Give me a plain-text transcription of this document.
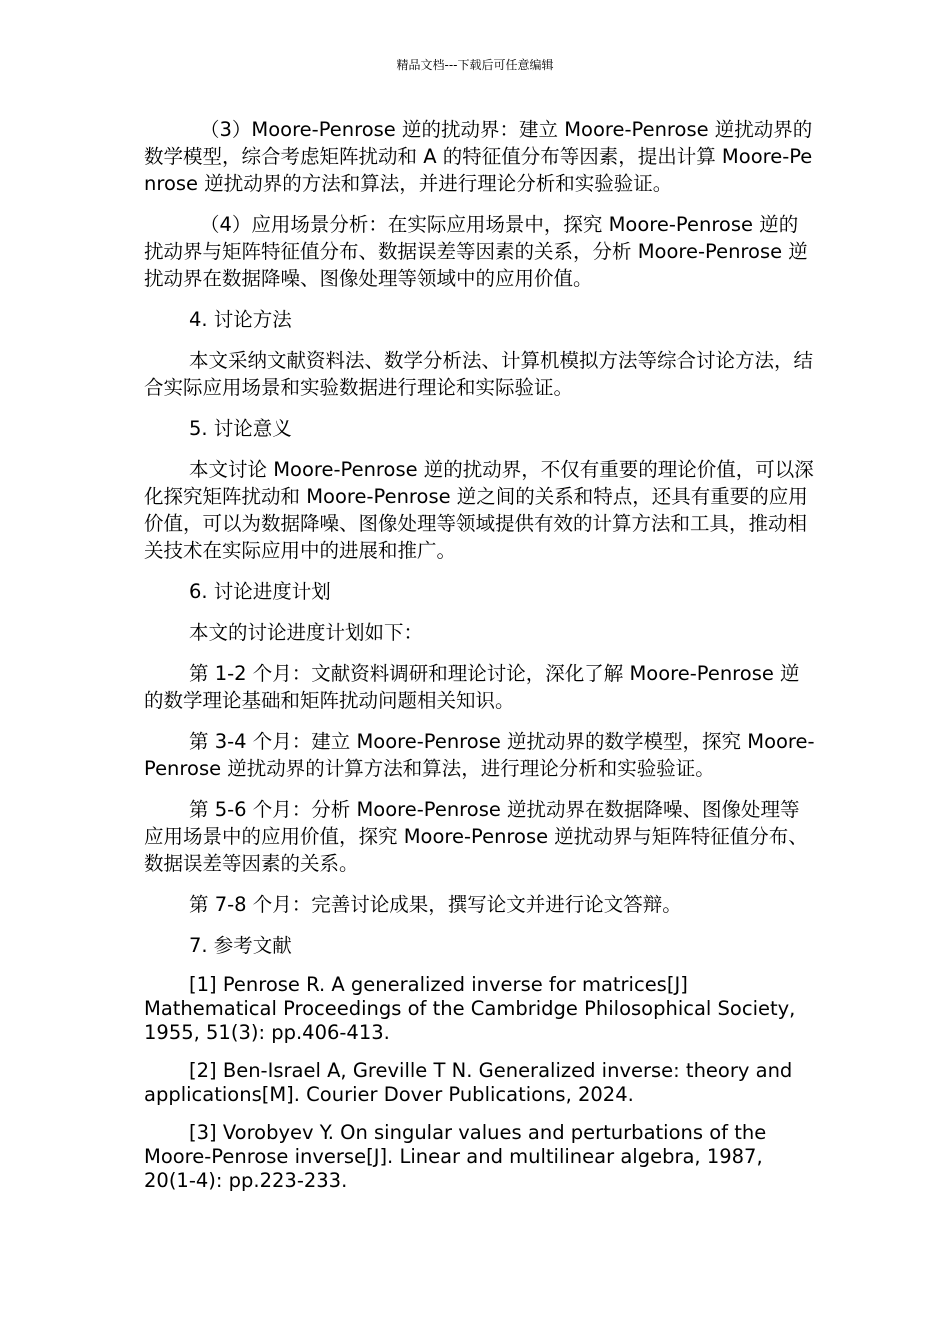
精品文档---下载后可任意编辑

（3）Moore-Penrose 逆的扰动界：建立 Moore-Penrose 逆扰动界的数学模型，综合考虑矩阵扰动和 A 的特征值分布等因素，提出计算 Moore-Penrose 逆扰动界的方法和算法，并进行理论分析和实验验证。

（4）应用场景分析：在实际应用场景中，探究 Moore-Penrose 逆的扰动界与矩阵特征值分布、数据误差等因素的关系，分析 Moore-Penrose 逆扰动界在数据降噪、图像处理等领域中的应用价值。

4. 讨论方法

本文采纳文献资料法、数学分析法、计算机模拟方法等综合讨论方法，结合实际应用场景和实验数据进行理论和实际验证。

5. 讨论意义

本文讨论 Moore-Penrose 逆的扰动界，不仅有重要的理论价值，可以深化探究矩阵扰动和 Moore-Penrose 逆之间的关系和特点，还具有重要的应用价值，可以为数据降噪、图像处理等领域提供有效的计算方法和工具，推动相关技术在实际应用中的进展和推广。

6. 讨论进度计划

本文的讨论进度计划如下：

第 1-2 个月：文献资料调研和理论讨论，深化了解 Moore-Penrose 逆的数学理论基础和矩阵扰动问题相关知识。

第 3-4 个月：建立 Moore-Penrose 逆扰动界的数学模型，探究 Moore-Penrose 逆扰动界的计算方法和算法，进行理论分析和实验验证。

第 5-6 个月：分析 Moore-Penrose 逆扰动界在数据降噪、图像处理等应用场景中的应用价值，探究 Moore-Penrose 逆扰动界与矩阵特征值分布、数据误差等因素的关系。

第 7-8 个月：完善讨论成果，撰写论文并进行论文答辩。

7. 参考文献

[1] Penrose R. A generalized inverse for matrices[J] Mathematical Proceedings of the Cambridge Philosophical Society, 1955, 51(3): pp.406-413.

[2] Ben-Israel A, Greville T N. Generalized inverse: theory and applications[M]. Courier Dover Publications, 2024.

[3] Vorobyev Y. On singular values and perturbations of the Moore-Penrose inverse[J]. Linear and multilinear algebra, 1987, 20(1-4): pp.223-233.
